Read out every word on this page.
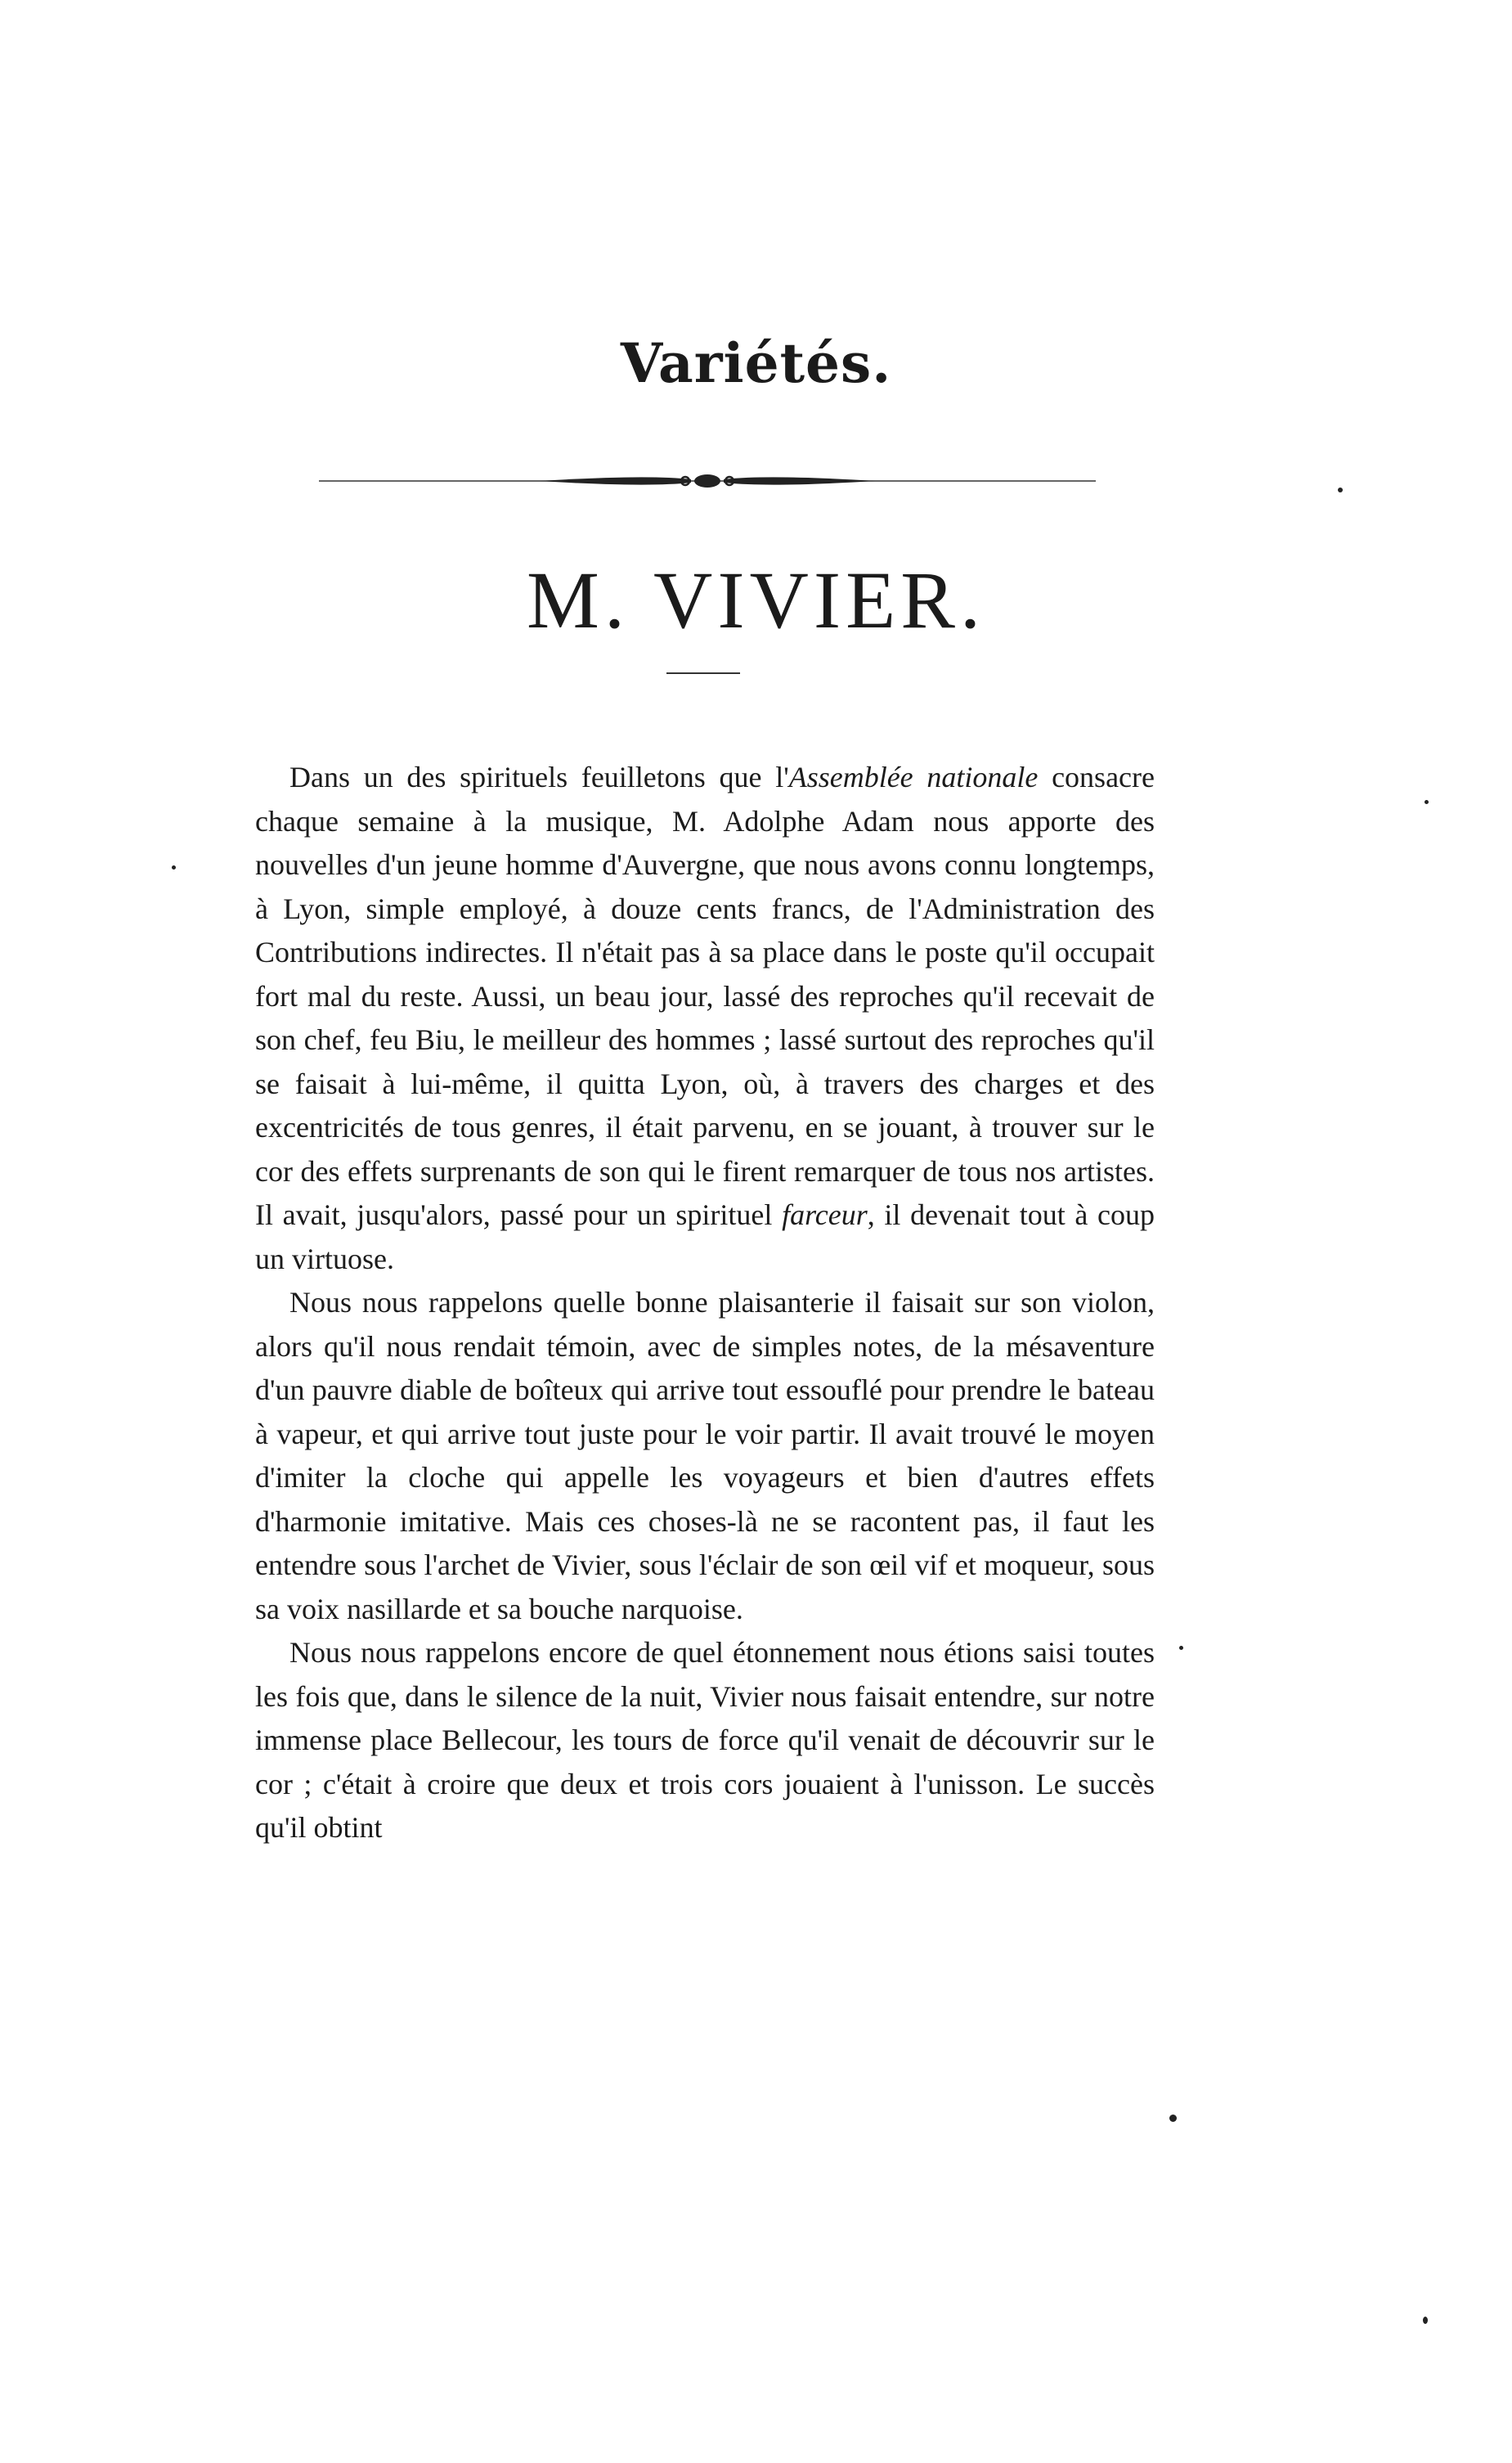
Variétés.
M. VIVIER.

Dans un des spirituels feuilletons que l'Assemblée nationale consacre chaque semaine à la musique, M. Adolphe Adam nous apporte des nouvelles d'un jeune homme d'Auvergne, que nous avons connu longtemps, à Lyon, simple employé, à douze cents francs, de l'Administration des Contributions indirectes. Il n'était pas à sa place dans le poste qu'il occupait fort mal du reste. Aussi, un beau jour, lassé des reproches qu'il recevait de son chef, feu Biu, le meilleur des hommes ; lassé surtout des reproches qu'il se faisait à lui-même, il quitta Lyon, où, à travers des charges et des excentricités de tous genres, il était parvenu, en se jouant, à trouver sur le cor des effets surprenants de son qui le firent remarquer de tous nos artistes. Il avait, jusqu'alors, passé pour un spirituel farceur, il devenait tout à coup un virtuose.

Nous nous rappelons quelle bonne plaisanterie il faisait sur son violon, alors qu'il nous rendait témoin, avec de simples notes, de la mésaventure d'un pauvre diable de boîteux qui arrive tout essouflé pour prendre le bateau à vapeur, et qui arrive tout juste pour le voir partir. Il avait trouvé le moyen d'imiter la cloche qui appelle les voyageurs et bien d'autres effets d'harmonie imitative. Mais ces choses-là ne se racontent pas, il faut les entendre sous l'archet de Vivier, sous l'éclair de son œil vif et moqueur, sous sa voix nasillarde et sa bouche narquoise.

Nous nous rappelons encore de quel étonnement nous étions saisi toutes les fois que, dans le silence de la nuit, Vivier nous faisait entendre, sur notre immense place Bellecour, les tours de force qu'il venait de découvrir sur le cor ; c'était à croire que deux et trois cors jouaient à l'unisson. Le succès qu'il obtint
